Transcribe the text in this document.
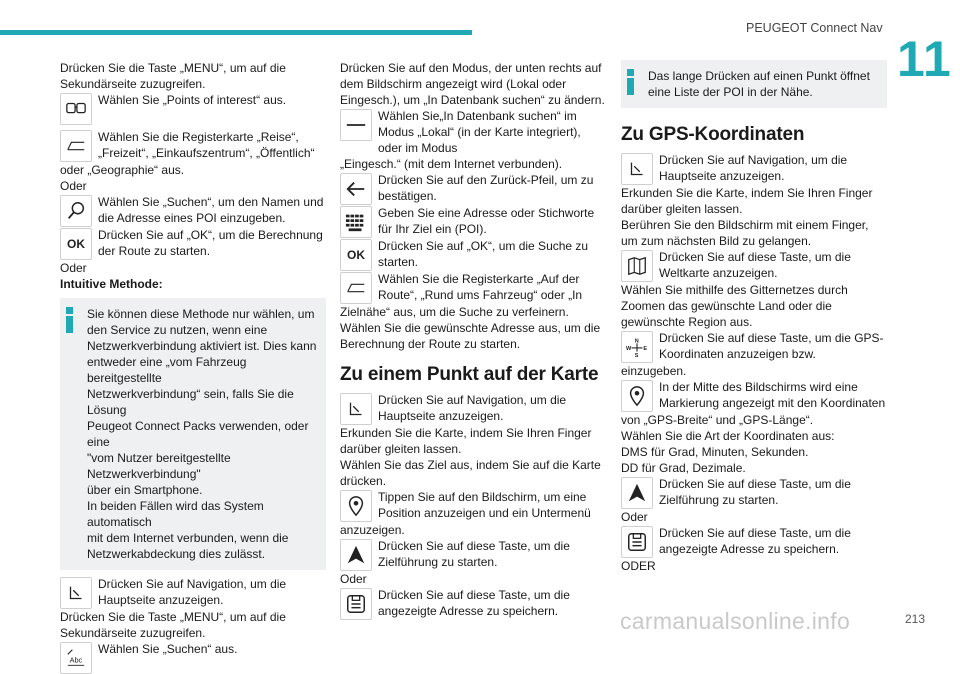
PEUGEOT Connect Nav
11
Drücken Sie die Taste „MENU“, um auf die Sekundärseite zuzugreifen.
Wählen Sie „Points of interest“ aus.
Wählen Sie die Registerkarte „Reise“, „Freizeit“, „Einkaufszentrum“, „Öffentlich“
oder „Geographie“ aus.
Oder
Wählen Sie „Suchen“, um den Namen und die Adresse eines POI einzugeben.
OK
Drücken Sie auf „OK“, um die Berechnung der Route zu starten.
Oder
Intuitive Methode:
Sie können diese Methode nur wählen, um
den Service zu nutzen, wenn eine
Netzwerkverbindung aktiviert ist. Dies kann
entweder eine „vom Fahrzeug bereitgestellte
Netzwerkverbindung“ sein, falls Sie die Lösung
Peugeot Connect Packs verwenden, oder eine
"vom Nutzer bereitgestellte Netzwerkverbindung"
über ein Smartphone.
In beiden Fällen wird das System automatisch
mit dem Internet verbunden, wenn die
Netzwerkabdeckung dies zulässt.
Drücken Sie auf Navigation, um die Hauptseite anzuzeigen.
Drücken Sie die Taste „MENU“, um auf die Sekundärseite zuzugreifen.
Abc
Wählen Sie „Suchen“ aus.
Drücken Sie auf den Modus, der unten rechts auf dem Bildschirm angezeigt wird (Lokal oder Eingesch.), um „In Datenbank suchen“ zu ändern.
Wählen Sie„In Datenbank suchen“ im Modus „Lokal“ (in der Karte integriert), oder im Modus
„Eingesch.“ (mit dem Internet verbunden).
Drücken Sie auf den Zurück-Pfeil, um zu bestätigen.
Geben Sie eine Adresse oder Stichworte für Ihr Ziel ein (POI).
OK
Drücken Sie auf „OK“, um die Suche zu starten.
Wählen Sie die Registerkarte „Auf der Route“, „Rund ums Fahrzeug“ oder „In
Zielnähe“ aus, um die Suche zu verfeinern.
Wählen Sie die gewünschte Adresse aus, um die Berechnung der Route zu starten.
Zu einem Punkt auf der Karte
Drücken Sie auf Navigation, um die Hauptseite anzuzeigen.
Erkunden Sie die Karte, indem Sie Ihren Finger darüber gleiten lassen.
Wählen Sie das Ziel aus, indem Sie auf die Karte drücken.
Tippen Sie auf den Bildschirm, um eine Position anzuzeigen und ein Untermenü
anzuzeigen.
Drücken Sie auf diese Taste, um die Zielführung zu starten.
Oder
Drücken Sie auf diese Taste, um die angezeigte Adresse zu speichern.
Das lange Drücken auf einen Punkt öffnet eine Liste der POI in der Nähe.
Zu GPS-Koordinaten
Drücken Sie auf Navigation, um die Hauptseite anzuzeigen.
Erkunden Sie die Karte, indem Sie Ihren Finger darüber gleiten lassen.
Berühren Sie den Bildschirm mit einem Finger, um zum nächsten Bild zu gelangen.
Drücken Sie auf diese Taste, um die Weltkarte anzuzeigen.
Wählen Sie mithilfe des Gitternetzes durch Zoomen das gewünschte Land oder die gewünschte Region aus.
N
S
W E
Drücken Sie auf diese Taste, um die GPS-Koordinaten anzuzeigen bzw.
einzugeben.
In der Mitte des Bildschirms wird eine Markierung angezeigt mit den Koordinaten
von „GPS-Breite“ und „GPS-Länge“.
Wählen Sie die Art der Koordinaten aus:
DMS für Grad, Minuten, Sekunden.
DD für Grad, Dezimale.
Drücken Sie auf diese Taste, um die Zielführung zu starten.
Oder
Drücken Sie auf diese Taste, um die angezeigte Adresse zu speichern.
ODER
carmanualsonline.info	213
